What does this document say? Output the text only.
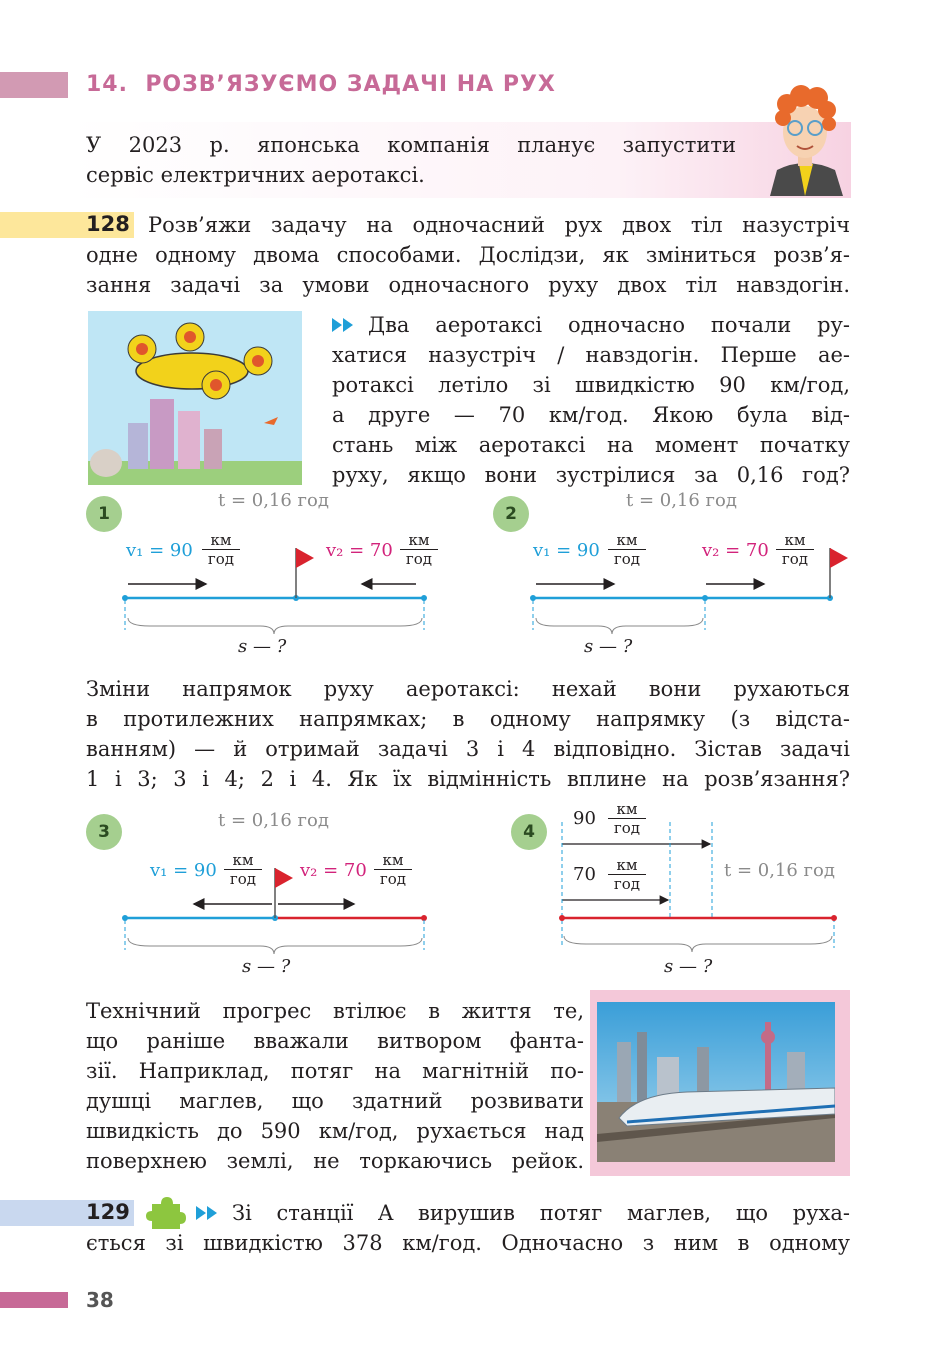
14. РОЗВ’ЯЗУЄМО ЗАДАЧІ НА РУХ
У 2023 р. японська компанія планує запустити
сервіс електричних аеротаксі.
128 Розв’яжи задачу на одночасний рух двох тіл назустріч
одне одному двома способами. Дослідзи, як зміниться розв’я-
зання задачі за умови одночасного руху двох тіл навздогін.
Два аеротаксі одночасно почали ру-
хатися назустріч / навздогін. Перше ае-
ротаксі летіло зі швидкістю 90 км/год,
а друге — 70 км/год. Якою була від-
стань між аеротаксі на момент початку
руху, якщо вони зустрілися за 0,16 год?
1
t = 0,16 год
v₁ = 90	км
год	v₂ = 70	км
год
s — ?
2
t = 0,16 год
v₁ = 90	км
год	v₂ = 70	км
год
s — ?
Зміни напрямок руху аеротаксі: нехай вони рухаються
в протилежних напрямках; в одному напрямку (з відста-
ванням) — й отримай задачі 3 і 4 відповідно. Зістав задачі
1 і 3; 3 і 4; 2 і 4. Як їх відмінність вплине на розв’язання?
3
t = 0,16 год
v₁ = 90	км
год	v₂ = 70	км
год
s — ?
4
90	км
год
70	км
год
t = 0,16 год
s — ?
Технічний прогрес втілює в життя те,
що раніше вважали витвором фанта-
зії. Наприклад, потяг на магнітній по-
душці маглев, що здатний розвивати
швидкість до 590 км/год, рухається над
поверхнею землі, не торкаючись рейок.
129	Зі станції A вирушив потяг маглев, що руха-
ється зі швидкістю 378 км/год. Одночасно з ним в одному
38
